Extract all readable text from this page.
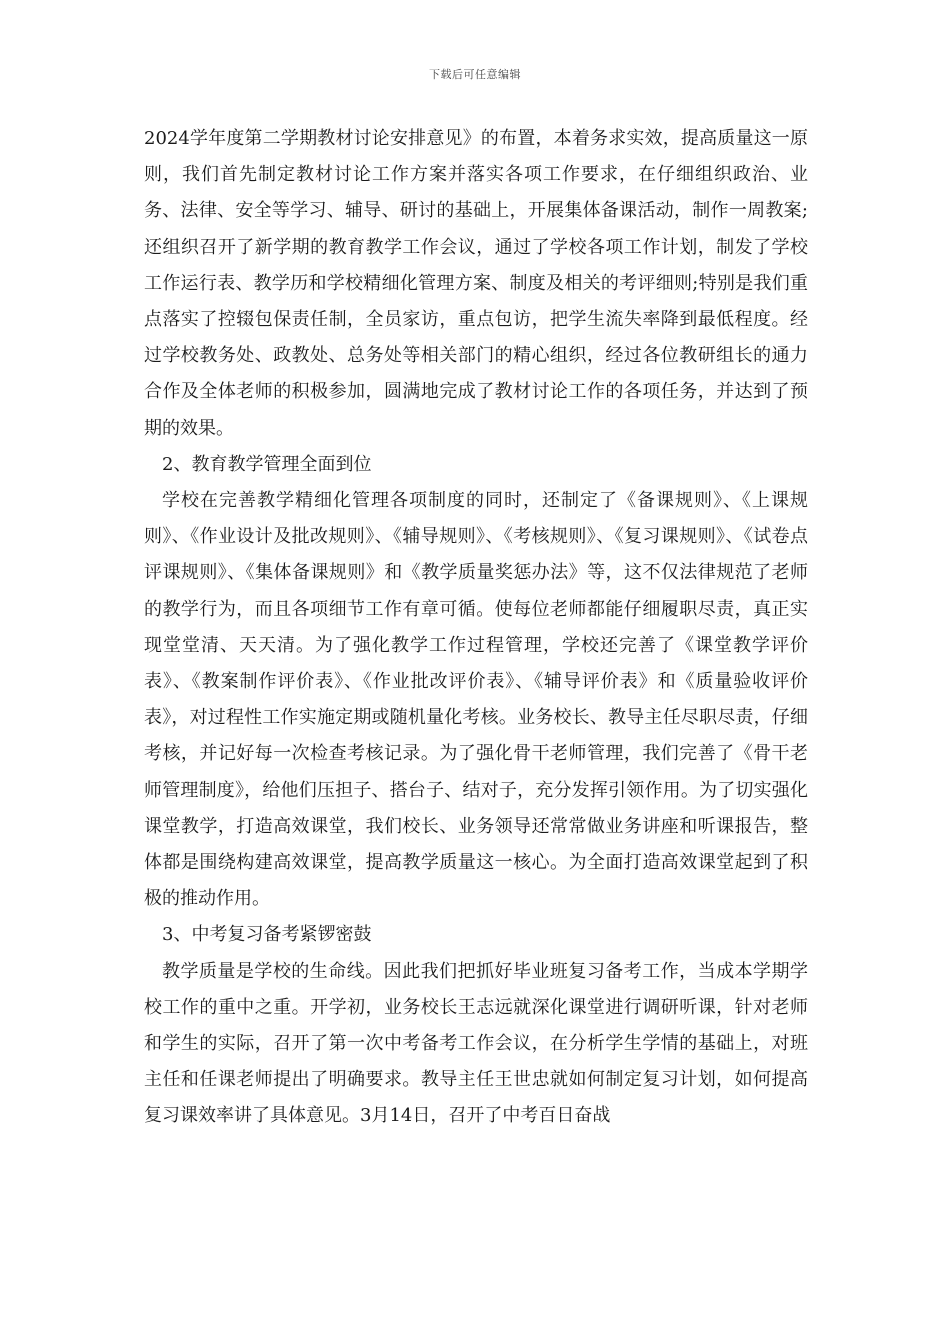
下载后可任意编辑

2024学年度第二学期教材讨论安排意见》的布置，本着务求实效，提高质量这一原则，我们首先制定教材讨论工作方案并落实各项工作要求，在仔细组织政治、业务、法律、安全等学习、辅导、研讨的基础上，开展集体备课活动，制作一周教案;还组织召开了新学期的教育教学工作会议，通过了学校各项工作计划，制发了学校工作运行表、教学历和学校精细化管理方案、制度及相关的考评细则;特别是我们重点落实了控辍包保责任制，全员家访，重点包访，把学生流失率降到最低程度。经过学校教务处、政教处、总务处等相关部门的精心组织，经过各位教研组长的通力合作及全体老师的积极参加，圆满地完成了教材讨论工作的各项任务，并达到了预期的效果。

2、教育教学管理全面到位

学校在完善教学精细化管理各项制度的同时，还制定了《备课规则》、《上课规则》、《作业设计及批改规则》、《辅导规则》、《考核规则》、《复习课规则》、《试卷点评课规则》、《集体备课规则》和《教学质量奖惩办法》等，这不仅法律规范了老师的教学行为，而且各项细节工作有章可循。使每位老师都能仔细履职尽责，真正实现堂堂清、天天清。为了强化教学工作过程管理，学校还完善了《课堂教学评价表》、《教案制作评价表》、《作业批改评价表》、《辅导评价表》和《质量验收评价表》，对过程性工作实施定期或随机量化考核。业务校长、教导主任尽职尽责，仔细考核，并记好每一次检查考核记录。为了强化骨干老师管理，我们完善了《骨干老师管理制度》，给他们压担子、搭台子、结对子，充分发挥引领作用。为了切实强化课堂教学，打造高效课堂，我们校长、业务领导还常常做业务讲座和听课报告，整体都是围绕构建高效课堂，提高教学质量这一核心。为全面打造高效课堂起到了积极的推动作用。

3、中考复习备考紧锣密鼓

教学质量是学校的生命线。因此我们把抓好毕业班复习备考工作，当成本学期学校工作的重中之重。开学初，业务校长王志远就深化课堂进行调研听课，针对老师和学生的实际，召开了第一次中考备考工作会议，在分析学生学情的基础上，对班主任和任课老师提出了明确要求。教导主任王世忠就如何制定复习计划，如何提高复习课效率讲了具体意见。3月14日，召开了中考百日奋战
